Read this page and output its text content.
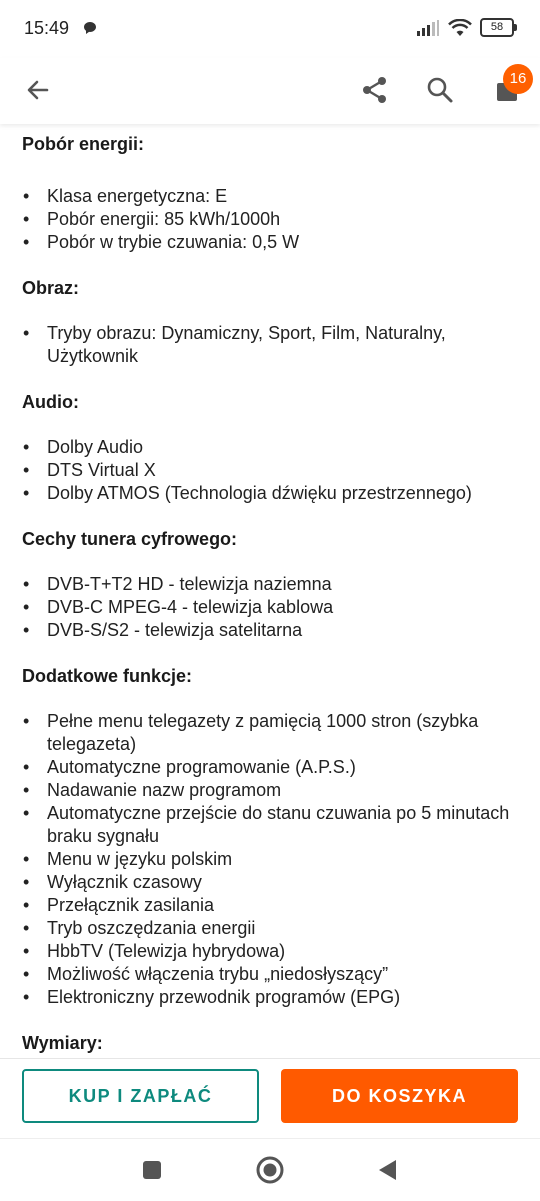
15:49	58
16
Pobór energii:
• Klasa energetyczna: E
• Pobór energii: 85 kWh/1000h
• Pobór w trybie czuwania: 0,5 W
Obraz:
• Tryby obrazu: Dynamiczny, Sport, Film, Naturalny, Użytkownik
Audio:
• Dolby Audio
• DTS Virtual X
• Dolby ATMOS (Technologia dźwięku przestrzennego)
Cechy tunera cyfrowego:
• DVB-T+T2 HD - telewizja naziemna
• DVB-C MPEG-4 - telewizja kablowa
• DVB-S/S2 - telewizja satelitarna
Dodatkowe funkcje:
• Pełne menu telegazety z pamięcią 1000 stron (szybka telegazeta)
• Automatyczne programowanie (A.P.S.)
• Nadawanie nazw programom
• Automatyczne przejście do stanu czuwania po 5 minutach braku sygnału
• Menu w języku polskim
• Wyłącznik czasowy
• Przełącznik zasilania
• Tryb oszczędzania energii
• HbbTV (Telewizja hybrydowa)
• Możliwość włączenia trybu „niedosłyszący”
• Elektroniczny przewodnik programów (EPG)
Wymiary:
KUP I ZAPŁAĆ	DO KOSZYKA
